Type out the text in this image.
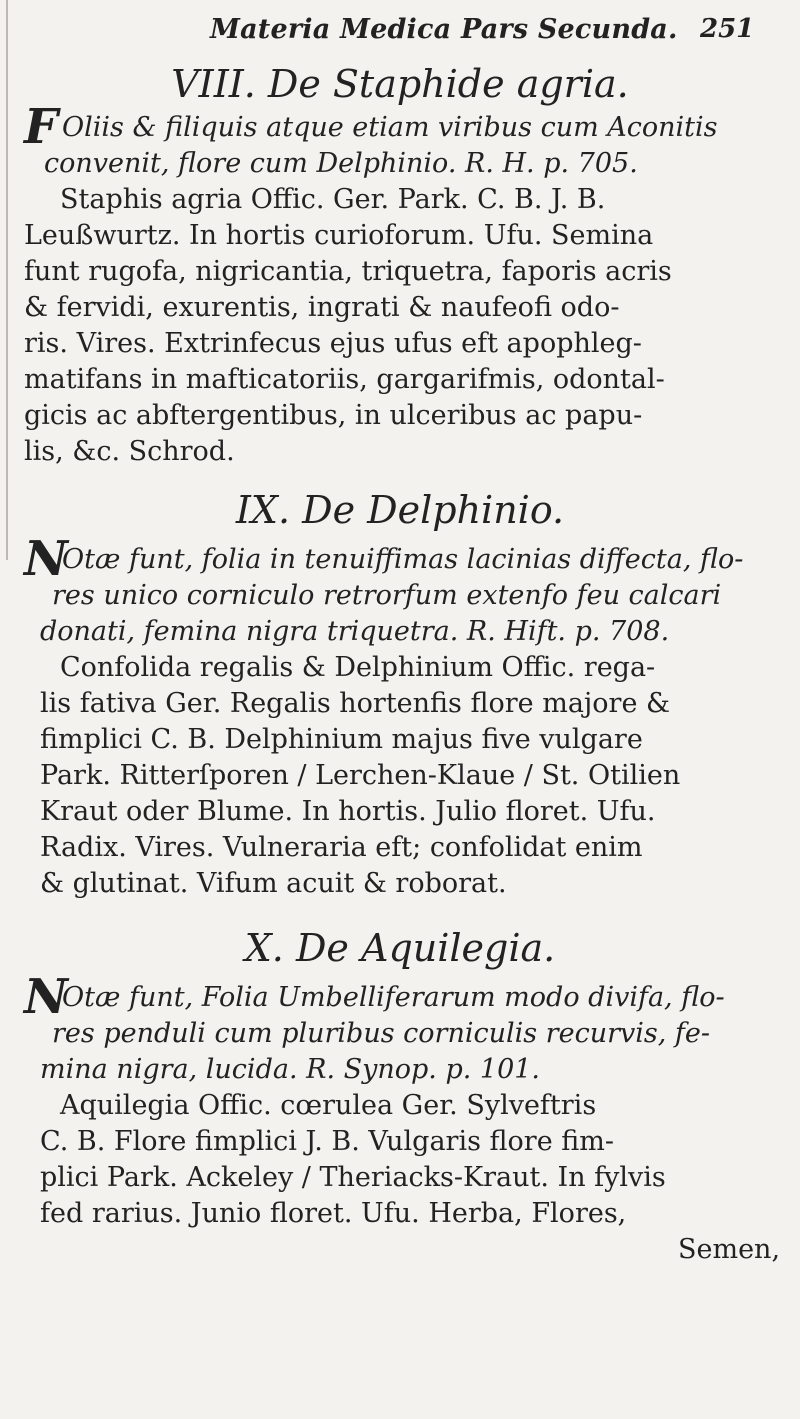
Materia Medica Pars Secunda. 251
VIII. De Staphide agria.
F Oliis & filiquis atque etiam viribus cum Aconitis
convenit, flore cum Delphinio. R. H. p. 705.
Staphis agria Offic. Ger. Park. C. B. J. B.
Leußwurtz. In hortis curioforum. Ufu. Semina
funt rugofa, nigricantia, triquetra, faporis acris
& fervidi, exurentis, ingrati & naufeofi odo-
ris. Vires. Extrinfecus ejus ufus eft apophleg-
matifans in mafticatoriis, gargarifmis, odontal-
gicis ac abftergentibus, in ulceribus ac papu-
lis, &c. Schrod.
IX. De Delphinio.
N
Otæ funt, folia in tenuiffimas lacinias diffecta, flo-
res unico corniculo retrorfum extenfo feu calcari
donati, femina nigra triquetra. R. Hift. p. 708.
Confolida regalis & Delphinium Offic. rega-
lis fativa Ger. Regalis hortenfis flore majore &
fimplici C. B. Delphinium majus five vulgare
Park. Ritterſporen / Lerchen-Klaue / St. Otilien
Kraut oder Blume. In hortis. Julio floret. Ufu.
Radix. Vires. Vulneraria eft; confolidat enim
& glutinat. Vifum acuit & roborat.
X. De Aquilegia.
N
Otæ funt, Folia Umbelliferarum modo divifa, flo-
res penduli cum pluribus corniculis recurvis, fe-
mina nigra, lucida. R. Synop. p. 101.
Aquilegia Offic. cœrulea Ger. Sylveftris
C. B. Flore fimplici J. B. Vulgaris flore fim-
plici Park. Ackeley / Theriacks-Kraut. In fylvis
fed rarius. Junio floret. Ufu. Herba, Flores,
Semen,
